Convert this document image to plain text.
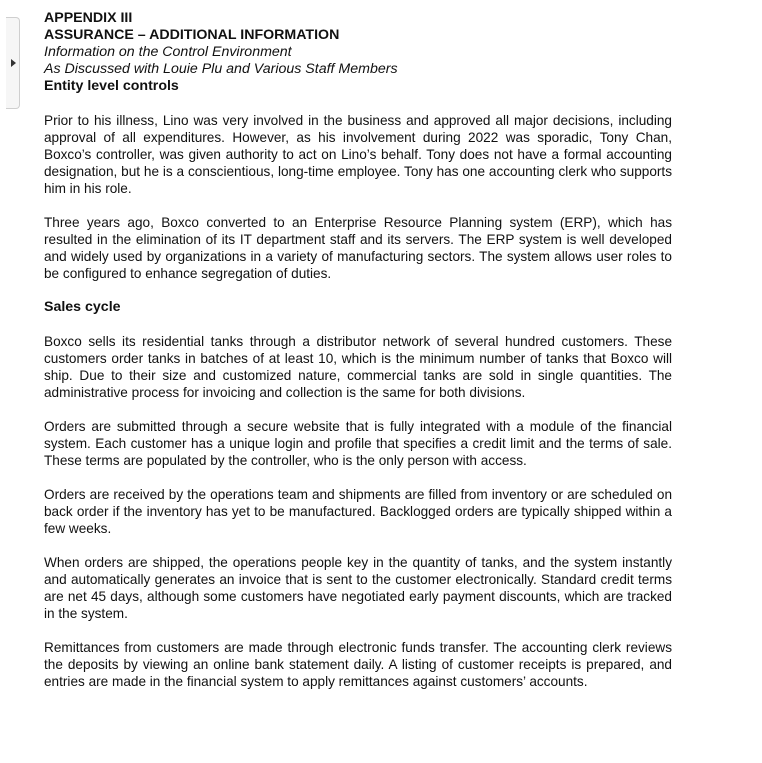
APPENDIX III

ASSURANCE – ADDITIONAL INFORMATION

Information on the Control Environment

As Discussed with Louie Plu and Various Staff Members

Entity level controls

Prior to his illness, Lino was very involved in the business and approved all major decisions, including approval of all expenditures. However, as his involvement during 2022 was sporadic, Tony Chan, Boxco’s controller, was given authority to act on Lino’s behalf. Tony does not have a formal accounting designation, but he is a conscientious, long-time employee. Tony has one accounting clerk who supports him in his role.

Three years ago, Boxco converted to an Enterprise Resource Planning system (ERP), which has resulted in the elimination of its IT department staff and its servers. The ERP system is well developed and widely used by organizations in a variety of manufacturing sectors. The system allows user roles to be configured to enhance segregation of duties.

Sales cycle

Boxco sells its residential tanks through a distributor network of several hundred customers. These customers order tanks in batches of at least 10, which is the minimum number of tanks that Boxco will ship. Due to their size and customized nature, commercial tanks are sold in single quantities. The administrative process for invoicing and collection is the same for both divisions.

Orders are submitted through a secure website that is fully integrated with a module of the financial system. Each customer has a unique login and profile that specifies a credit limit and the terms of sale. These terms are populated by the controller, who is the only person with access.

Orders are received by the operations team and shipments are filled from inventory or are scheduled on back order if the inventory has yet to be manufactured. Backlogged orders are typically shipped within a few weeks.

When orders are shipped, the operations people key in the quantity of tanks, and the system instantly and automatically generates an invoice that is sent to the customer electronically. Standard credit terms are net 45 days, although some customers have negotiated early payment discounts, which are tracked in the system.

Remittances from customers are made through electronic funds transfer. The accounting clerk reviews the deposits by viewing an online bank statement daily. A listing of customer receipts is prepared, and entries are made in the financial system to apply remittances against customers’ accounts.
